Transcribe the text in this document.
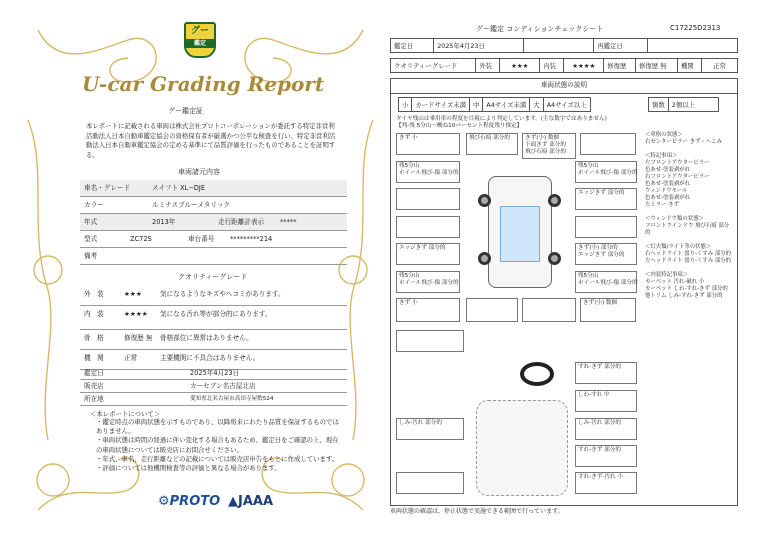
グー
鑑定
U-car Grading Report
グー鑑定証
本レポートに記載される車両は株式会社プロトコーポレーションが委託する特定非営利活動法人日本自動車鑑定協会の資格保有者が厳選かつ公平な検査を行い、特定非営利活動法人日本自動車鑑定協会の定める基準にて品質評価を行ったものであることを証明する。
車両諸元内容
車名・グレード	スイフト XL−DJE
カラー	ルミナスブルーメタリック
年式	2013年	走行距離計表示 *****
型式	ZC72S	車台番号 *********214
備考
クオリティーグレード
外　装	★★★	気になるようなキズやヘコミがあります。
内　装	★★★★ 気になる汚れ等が部分的にあります。
骨　格	修復歴 無 骨格部位に異常はありません。
機　関	正常	主要機関に不具合はありません。
鑑定日	2025年4月23日
販売店	カーセブン名古屋北店
所在地	愛知県北名古屋市高田寺屋敷524
＜本レポートについて＞
・鑑定時点の車両状態を示すものであり、以降将来にわたり品質を保証するものではありません。
・車両状態は時間の経過に伴い変化する場合もあるため、鑑定日をご確認の上、現在の車両状態については販売店にお問合せください。
・年式、車名、走行距離などの記載については販売店申告をもとに作成しています。
・評価については他機関検査等の評価と異なる場合があります。
⚙PROTO ▲JAAA
グー鑑定 コンディションチェックシート	C17225D2313
鑑定日	2025年4月23日		再鑑定日	
クオリティーグレード	外装	★★★	内装	★★★★	修復歴	修復歴 無	機関	正常
車両状態の説明
小	カードサイズ未満	中	A4サイズ未満	大	A4サイズ以上	箇数	2個以上
タイヤ残山は乗用車の程度を目視により判定しています。(主な数字ではありません)
【判-残 5分山〜概ね10パーセント程度残り推定】
きず 小	飛び石痕 部分的	きず(小) 数個
下面きず 部分的
飛び石痕 部分的
残5分山
ホイール飛び-傷 部分的
残5分山
ホイール飛び-傷 部分的
エッジきず 部分的
エッジきず 部分的	きず(小) 部分的
エッジきず 部分的
残5分山
ホイール飛び-傷 部分的
残5分山
ホイール飛び-傷 部分的
きず 小	きず(小) 数個
すれ-きず 部分的
しわ-すれ 中
しみ-汚れ 部分的	しみ-汚れ 部分的
すれ-きず 部分的
すれ-きず-汚れ 小
＜車格の状態＞
右センターピラー きず・へこみ

＜特記事項＞
左フロントアウターピラー
色あせ-塗装剥がれ
右フロントアウターピラー
色あせ-塗装剥がれ
ウィンドウモール
色あせ-塗装剥がれ
左ミラー きず

＜ウィンドウ類の状態＞
フロントウインドウ 飛び石痕 部分的

＜灯火類/ライト等の状態＞
右ヘッドライト 曇り-くすみ 部分的
左ヘッドライト 曇り-くすみ 部分的

＜内装特記事項＞
カーペット 汚れ-破れ 小
カーペット しわ-すれ-きず 部分的
他トリム しみ-すれ-きず 部分的
車両状態の確認は、停止状態で実施できる範囲で行っています。
